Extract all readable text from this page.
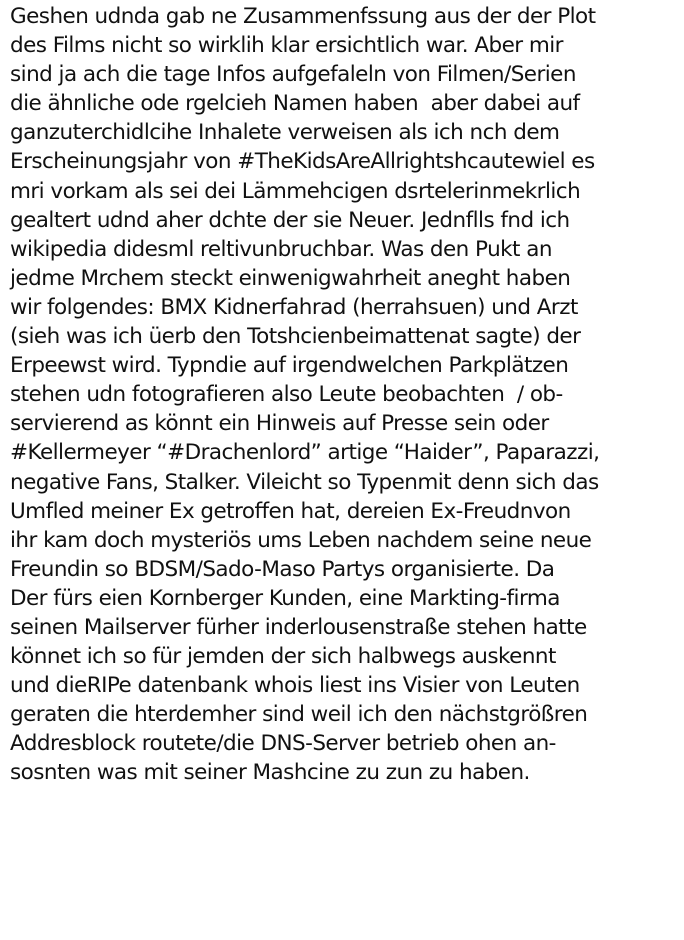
Geshen udnda gab ne Zusammenfssung aus der der Plot
des Films nicht so wirklih klar ersichtlich war. Aber mir
sind ja ach die tage Infos aufgefaleln von Filmen/Serien
die ähnliche ode rgelcieh Namen haben  aber dabei auf
ganzuterchidlcihe Inhalete verweisen als ich nch dem
Erscheinungsjahr von #TheKidsAreAllrightshcautewiel es
mri vorkam als sei dei Lämmehcigen dsrtelerinmekrlich
gealtert udnd aher dchte der sie Neuer. Jednflls fnd ich
wikipedia didesml reltivunbruchbar. Was den Pukt an
jedme Mrchem steckt einwenigwahrheit aneght haben
wir folgendes: BMX Kidnerfahrad (herrahsuen) und Arzt
(sieh was ich üerb den Totshcienbeimattenat sagte) der
Erpeewst wird. Typndie auf irgendwelchen Parkplätzen
stehen udn fotografieren also Leute beobachten  / ob-
servierend as könnt ein Hinweis auf Presse sein oder
#Kellermeyer “#Drachenlord” artige “Haider”, Paparazzi,
negative Fans, Stalker. Vileicht so Typenmit denn sich das
Umfled meiner Ex getroffen hat, dereien Ex-Freudnvon
ihr kam doch mysteriös ums Leben nachdem seine neue
Freundin so BDSM/Sado-Maso Partys organisierte. Da
Der fürs eien Kornberger Kunden, eine Markting-firma
seinen Mailserver fürher inderlousenstraße stehen hatte
könnet ich so für jemden der sich halbwegs auskennt
und dieRIPe datenbank whois liest ins Visier von Leuten
geraten die hterdemher sind weil ich den nächstgrößren
Addresblock routete/die DNS-Server betrieb ohen an-
sosnten was mit seiner Mashcine zu zun zu haben.
